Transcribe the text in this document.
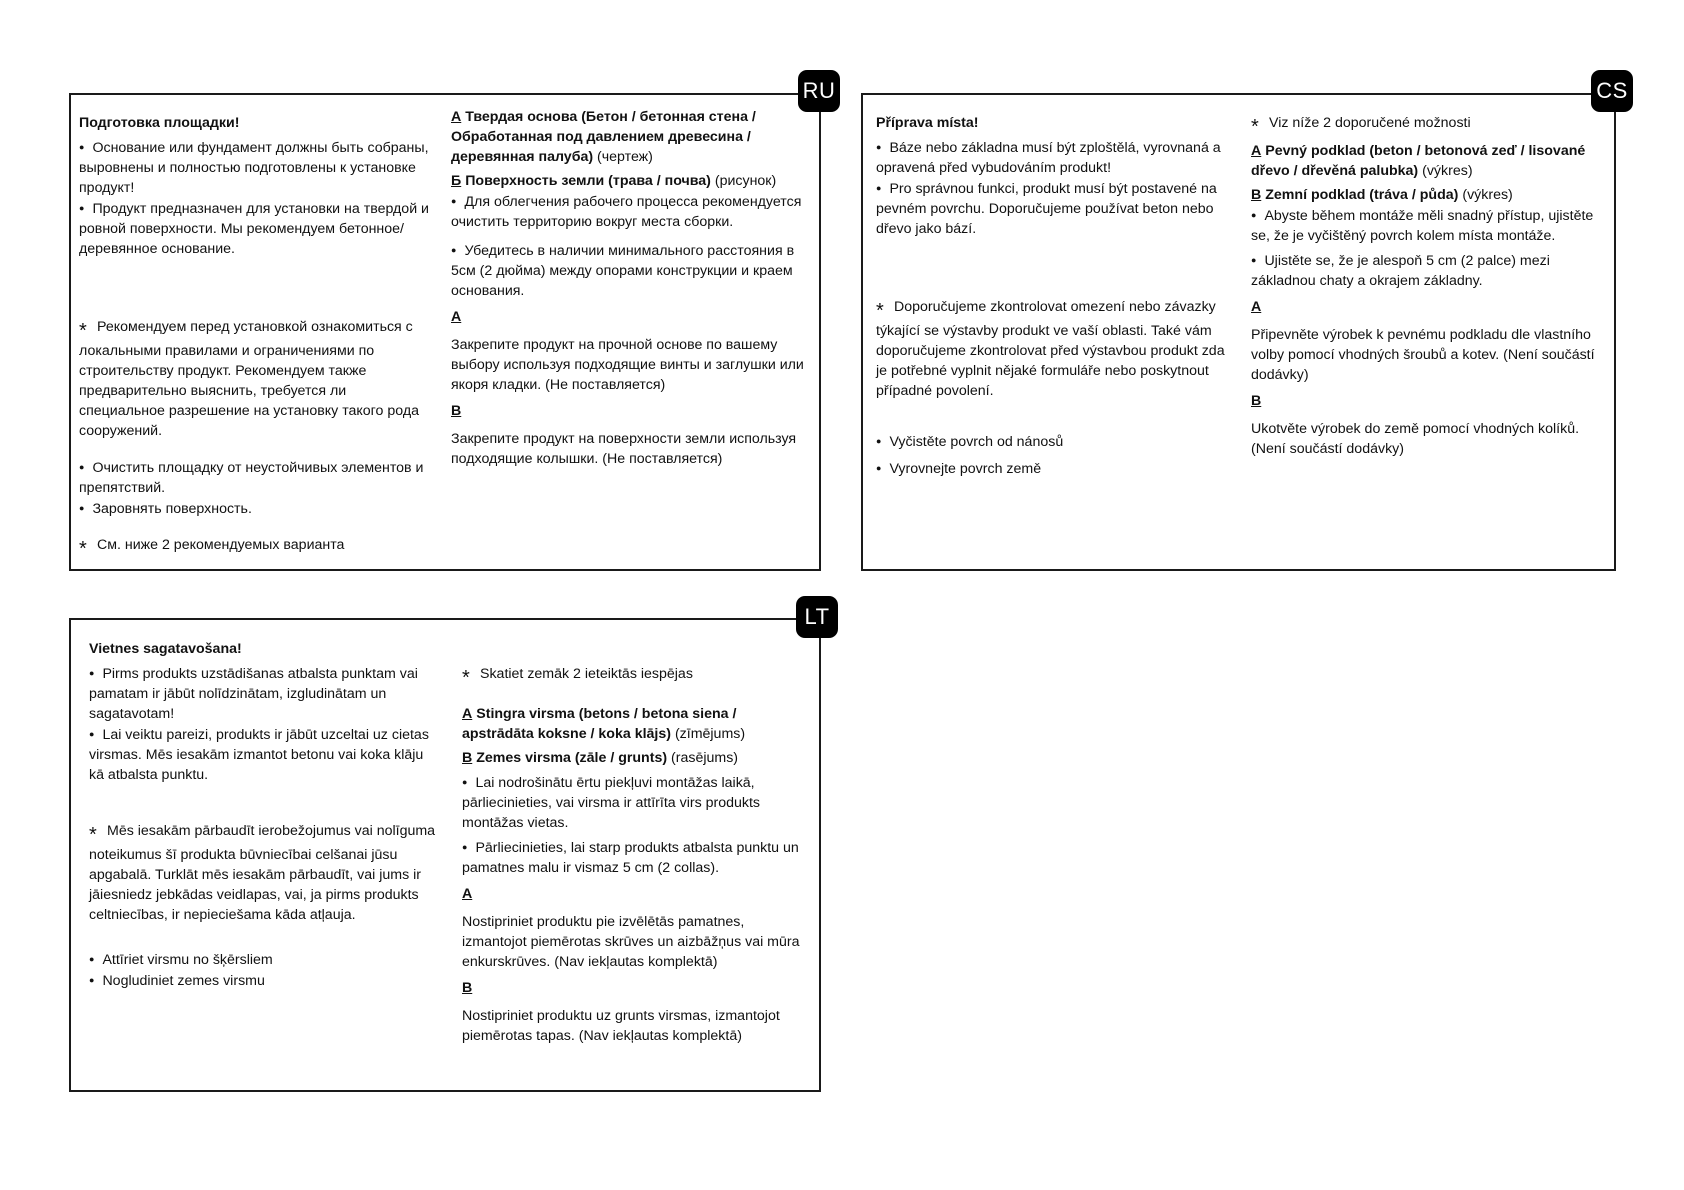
RU

Подготовка площадки!

● Основание или фундамент должны быть собраны, выровнены и полностью подготовлены к установке продукт!

● Продукт предназначен для установки на твердой и ровной поверхности. Мы рекомендуем бетонное/деревянное основание.

* Рекомендуем перед установкой ознакомиться с локальными правилами и ограничениями по строительству продукт. Рекомендуем также предварительно выяснить, требуется ли специальное разрешение на установку такого рода сооружений.

● Очистить площадку от неустойчивых элементов и препятствий.

● Заровнять поверхность.

* См. ниже 2 рекомендуемых варианта

А Твердая основа (Бетон / бетонная стена / Обработанная под давлением древесина / деревянная палуба) (чертеж)

Б Поверхность земли (трава / почва) (рисунок)

● Для облегчения рабочего процесса рекомендуется очистить территорию вокруг места сборки.

● Убедитесь в наличии минимального расстояния в 5см (2 дюйма) между опорами конструкции и краем основания.

A

Закрепите продукт на прочной основе по вашему выбору используя подходящие винты и заглушки или якоря кладки. (Не поставляется)

B

Закрепите продукт на поверхности земли используя подходящие колышки. (Не поставляется)

CS

Příprava místa!

● Báze nebo základna musí být zploštělá, vyrovnaná a opravená před vybudováním produkt!

● Pro správnou funkci, produkt musí být postavené na pevném povrchu. Doporučujeme používat beton nebo dřevo jako bází.

* Doporučujeme zkontrolovat omezení nebo závazky týkající se výstavby produkt ve vaší oblasti. Také vám doporučujeme zkontrolovat před výstavbou produkt zda je potřebné vyplnit nějaké formuláře nebo poskytnout případné povolení.

● Vyčistěte povrch od nánosů

● Vyrovnejte povrch země

* Viz níže 2 doporučené možnosti

A Pevný podklad (beton / betonová zeď / lisované dřevo / dřevěná palubka) (výkres)

B Zemní podklad (tráva / půda) (výkres)

● Abyste během montáže měli snadný přístup, ujistěte se, že je vyčištěný povrch kolem místa montáže.

● Ujistěte se, že je alespoň 5 cm (2 palce) mezi základnou chaty a okrajem základny.

A

Připevněte výrobek k pevnému podkladu dle vlastního volby pomocí vhodných šroubů a kotev. (Není součástí dodávky)

B

Ukotvěte výrobek do země pomocí vhodných kolíků. (Není součástí dodávky)

LT

Vietnes sagatavošana!

● Pirms produkts uzstādišanas atbalsta punktam vai pamatam ir jābūt nolīdzinātam, izgludinātam un sagatavotam!

● Lai veiktu pareizi, produkts ir jābūt uzceltai uz cietas virsmas. Mēs iesakām izmantot betonu vai koka klāju kā atbalsta punktu.

* Mēs iesakām pārbaudīt ierobežojumus vai nolīguma noteikumus šī produkta būvniecībai celšanai jūsu apgabalā. Turklāt mēs iesakām pārbaudīt, vai jums ir jāiesniedz jebkādas veidlapas, vai, ja pirms produkts celtniecības, ir nepieciešama kāda atļauja.

● Attīriet virsmu no šķērsliem

● Nogludiniet zemes virsmu

* Skatiet zemāk 2 ieteiktās iespējas

A Stingra virsma (betons / betona siena / apstrādāta koksne / koka klājs) (zīmējums)

B Zemes virsma (zāle / grunts) (rasējums)

● Lai nodrošinātu ērtu piekļuvi montāžas laikā, pārliecinieties, vai virsma ir attīrīta virs produkts montāžas vietas.

● Pārliecinieties, lai starp produkts atbalsta punktu un pamatnes malu ir vismaz 5 cm (2 collas).

A

Nostipriniet produktu pie izvēlētās pamatnes, izmantojot piemērotas skrūves un aizbāžņus vai mūra enkurskrūves. (Nav iekļautas komplektā)

B

Nostipriniet produktu uz grunts virsmas, izmantojot piemērotas tapas. (Nav iekļautas komplektā)
